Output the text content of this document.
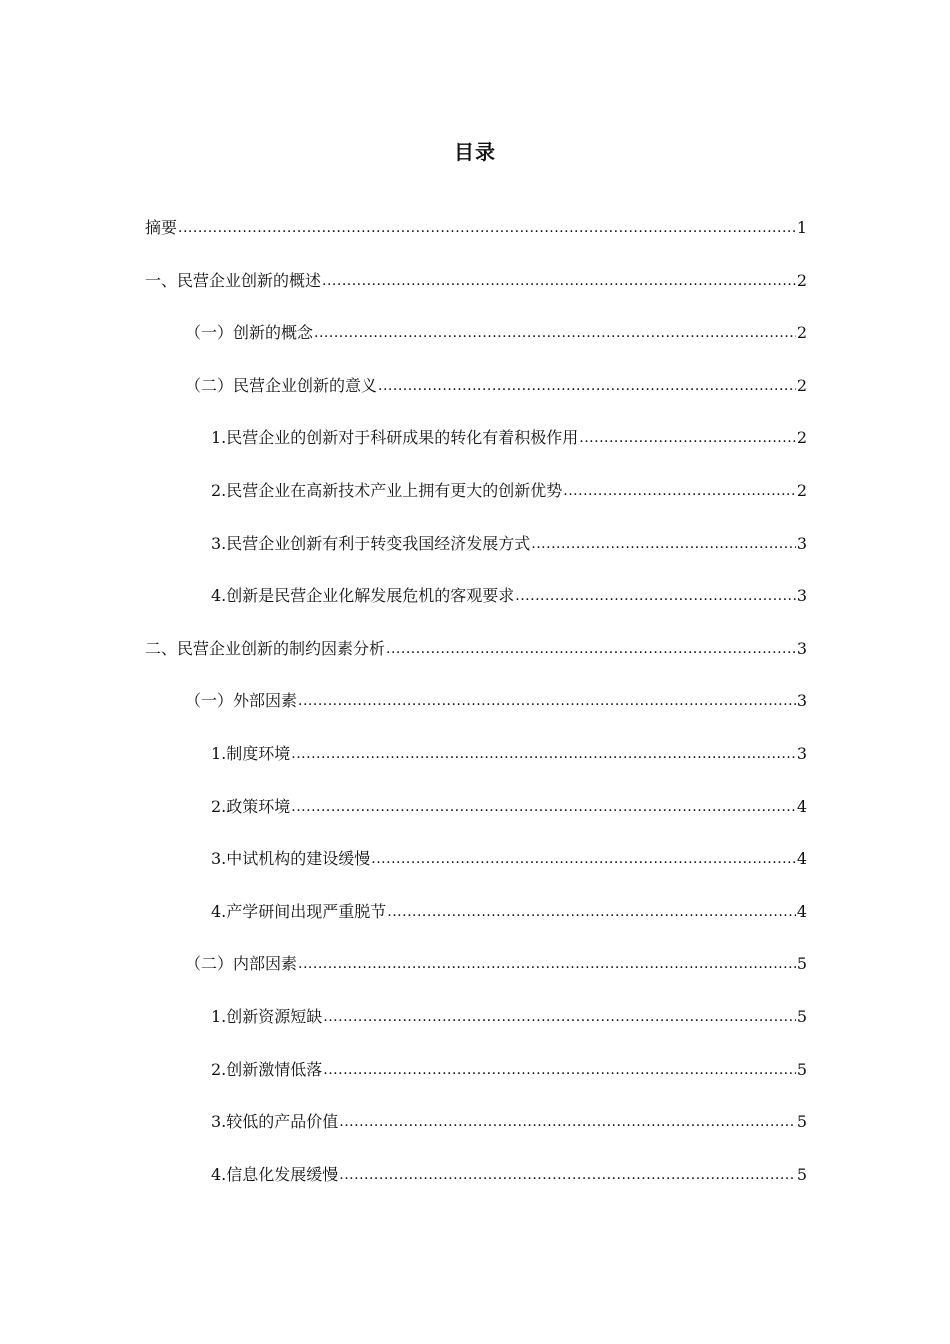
目录
摘要 .....	1
一、民营企业创新的概述 .....	2
（一）创新的概念 .....	2
（二）民营企业创新的意义 .....	2
1.民营企业的创新对于科研成果的转化有着积极作用 .....	2
2.民营企业在高新技术产业上拥有更大的创新优势 .....	2
3.民营企业创新有利于转变我国经济发展方式 .....	3
4.创新是民营企业化解发展危机的客观要求 .....	3
二、民营企业创新的制约因素分析 .....	3
（一）外部因素 .....	3
1.制度环境 .....	3
2.政策环境 .....	4
3.中试机构的建设缓慢 .....	4
4.产学研间出现严重脱节 .....	4
（二）内部因素 .....	5
1.创新资源短缺 .....	5
2.创新激情低落 .....	5
3.较低的产品价值 .....	5
4.信息化发展缓慢 .....	5
